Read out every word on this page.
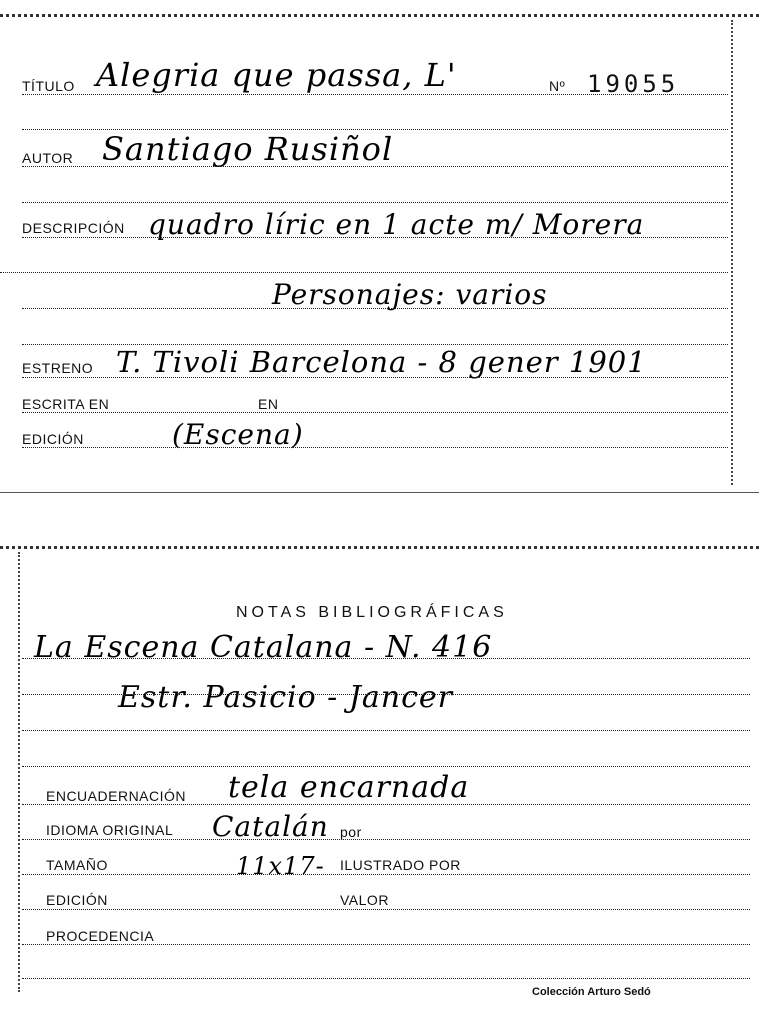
TÍTULO Alegria que passa, L'	Nº 19055
AUTOR Santiago Rusiñol
DESCRIPCIÓN quadro líric en 1 acte m/ Morera
Personajes: varios
ESTRENO T. Tivoli Barcelona - 8 gener 1901
ESCRITA EN	EN
EDICIÓN	(Escena)
NOTAS BIBLIOGRÁFICAS
La Escena Catalana - N. 416
Estr. Pasicio - Jancer
ENCUADERNACIÓN tela encarnada
IDIOMA ORIGINAL Catalán por
TAMAÑO	11x17- ILUSTRADO POR
EDICIÓN	VALOR
PROCEDENCIA
Colección Arturo Sedó
